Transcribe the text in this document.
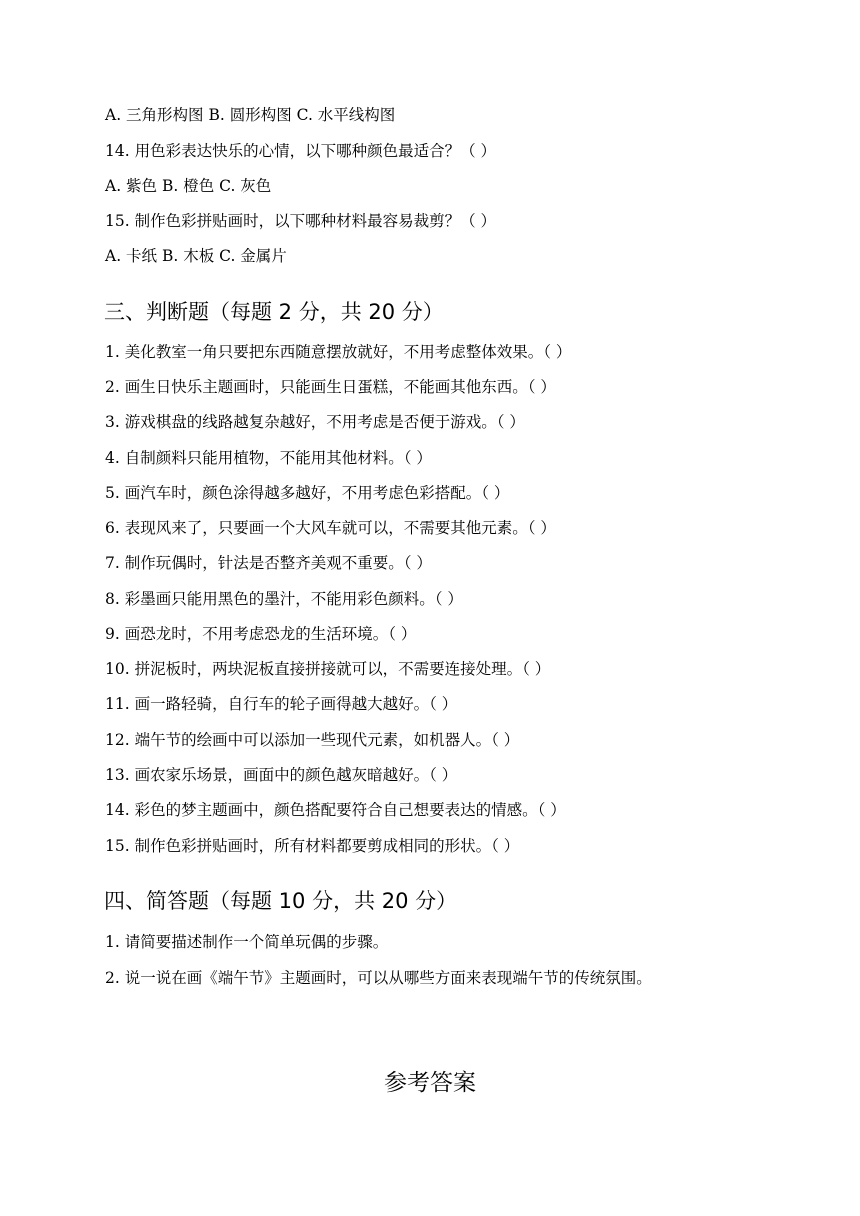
A. 三角形构图 B. 圆形构图 C. 水平线构图
14. 用色彩表达快乐的心情，以下哪种颜色最适合？（ ）
A. 紫色 B. 橙色 C. 灰色
15. 制作色彩拼贴画时，以下哪种材料最容易裁剪？（ ）
A. 卡纸 B. 木板 C. 金属片
三、判断题（每题 2 分，共 20 分）
1. 美化教室一角只要把东西随意摆放就好，不用考虑整体效果。（ ）
2. 画生日快乐主题画时，只能画生日蛋糕，不能画其他东西。（ ）
3. 游戏棋盘的线路越复杂越好，不用考虑是否便于游戏。（ ）
4. 自制颜料只能用植物，不能用其他材料。（ ）
5. 画汽车时，颜色涂得越多越好，不用考虑色彩搭配。（ ）
6. 表现风来了，只要画一个大风车就可以，不需要其他元素。（ ）
7. 制作玩偶时，针法是否整齐美观不重要。（ ）
8. 彩墨画只能用黑色的墨汁，不能用彩色颜料。（ ）
9. 画恐龙时，不用考虑恐龙的生活环境。（ ）
10. 拼泥板时，两块泥板直接拼接就可以，不需要连接处理。（ ）
11. 画一路轻骑，自行车的轮子画得越大越好。（ ）
12. 端午节的绘画中可以添加一些现代元素，如机器人。（ ）
13. 画农家乐场景，画面中的颜色越灰暗越好。（ ）
14. 彩色的梦主题画中，颜色搭配要符合自己想要表达的情感。（ ）
15. 制作色彩拼贴画时，所有材料都要剪成相同的形状。（ ）
四、简答题（每题 10 分，共 20 分）
1. 请简要描述制作一个简单玩偶的步骤。
2. 说一说在画《端午节》主题画时，可以从哪些方面来表现端午节的传统氛围。
参考答案
